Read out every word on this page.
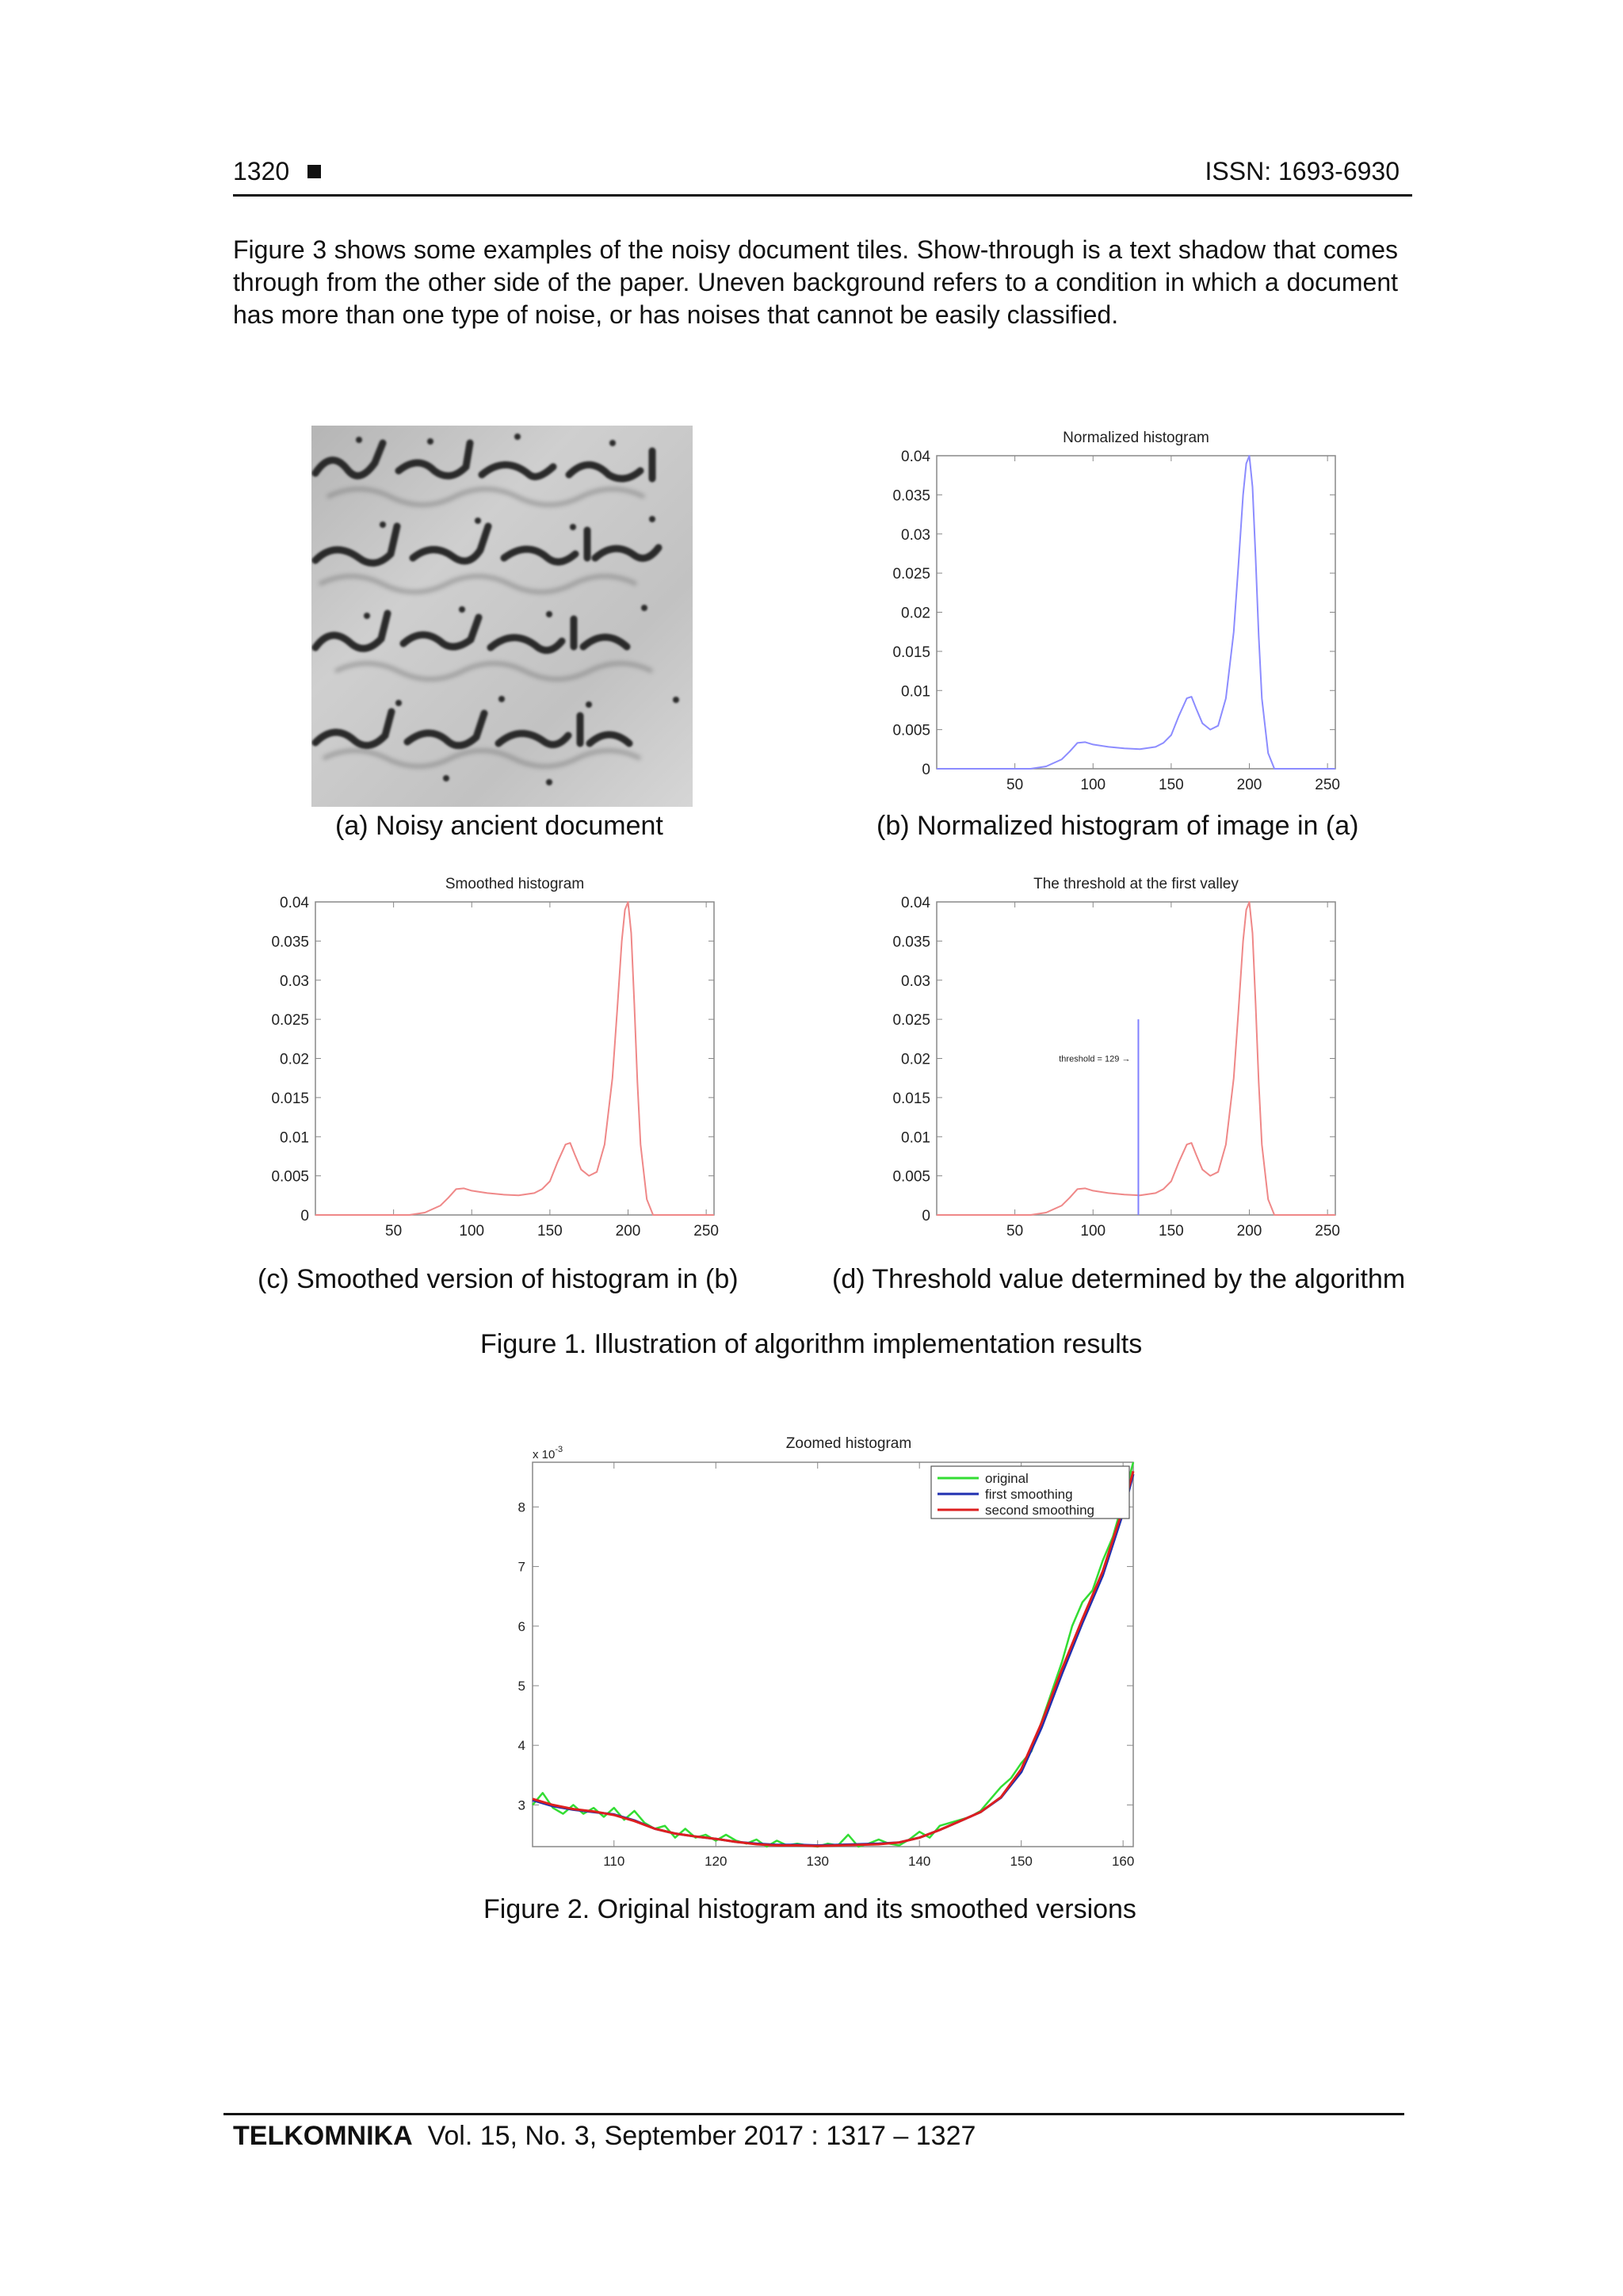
1320	ISSN: 1693-6930
Figure 3 shows some examples of the noisy document tiles. Show-through is a text shadow that comes through from the other side of the paper. Uneven background refers to a condition in which a document has more than one type of noise, or has noises that cannot be easily classified.
(a) Noisy ancient document
Normalized histogram
0
0.005
0.01
0.015
0.02
0.025
0.03
0.035
0.04
50	100	150	200	250
(b) Normalized histogram of image in (a)
Smoothed histogram
0
0.005
0.01
0.015
0.02
0.025
0.03
0.035
0.04
50	100	150	200	250
(c) Smoothed version of histogram in (b)
The threshold at the first valley
0
0.005
0.01
0.015
0.02
0.025
0.03
0.035
0.04
50	100	150	200	250
threshold = 129 →
(d) Threshold value determined by the algorithm
Figure 1. Illustration of algorithm implementation results
Zoomed histogram
x $10^{-3}$
3
4
5
6
7
8
110	120	130	140	150	160
original
first smoothing
second smoothing
Figure 2. Original histogram and its smoothed versions
TELKOMNIKA Vol. 15, No. 3, September 2017 : 1317 – 1327
